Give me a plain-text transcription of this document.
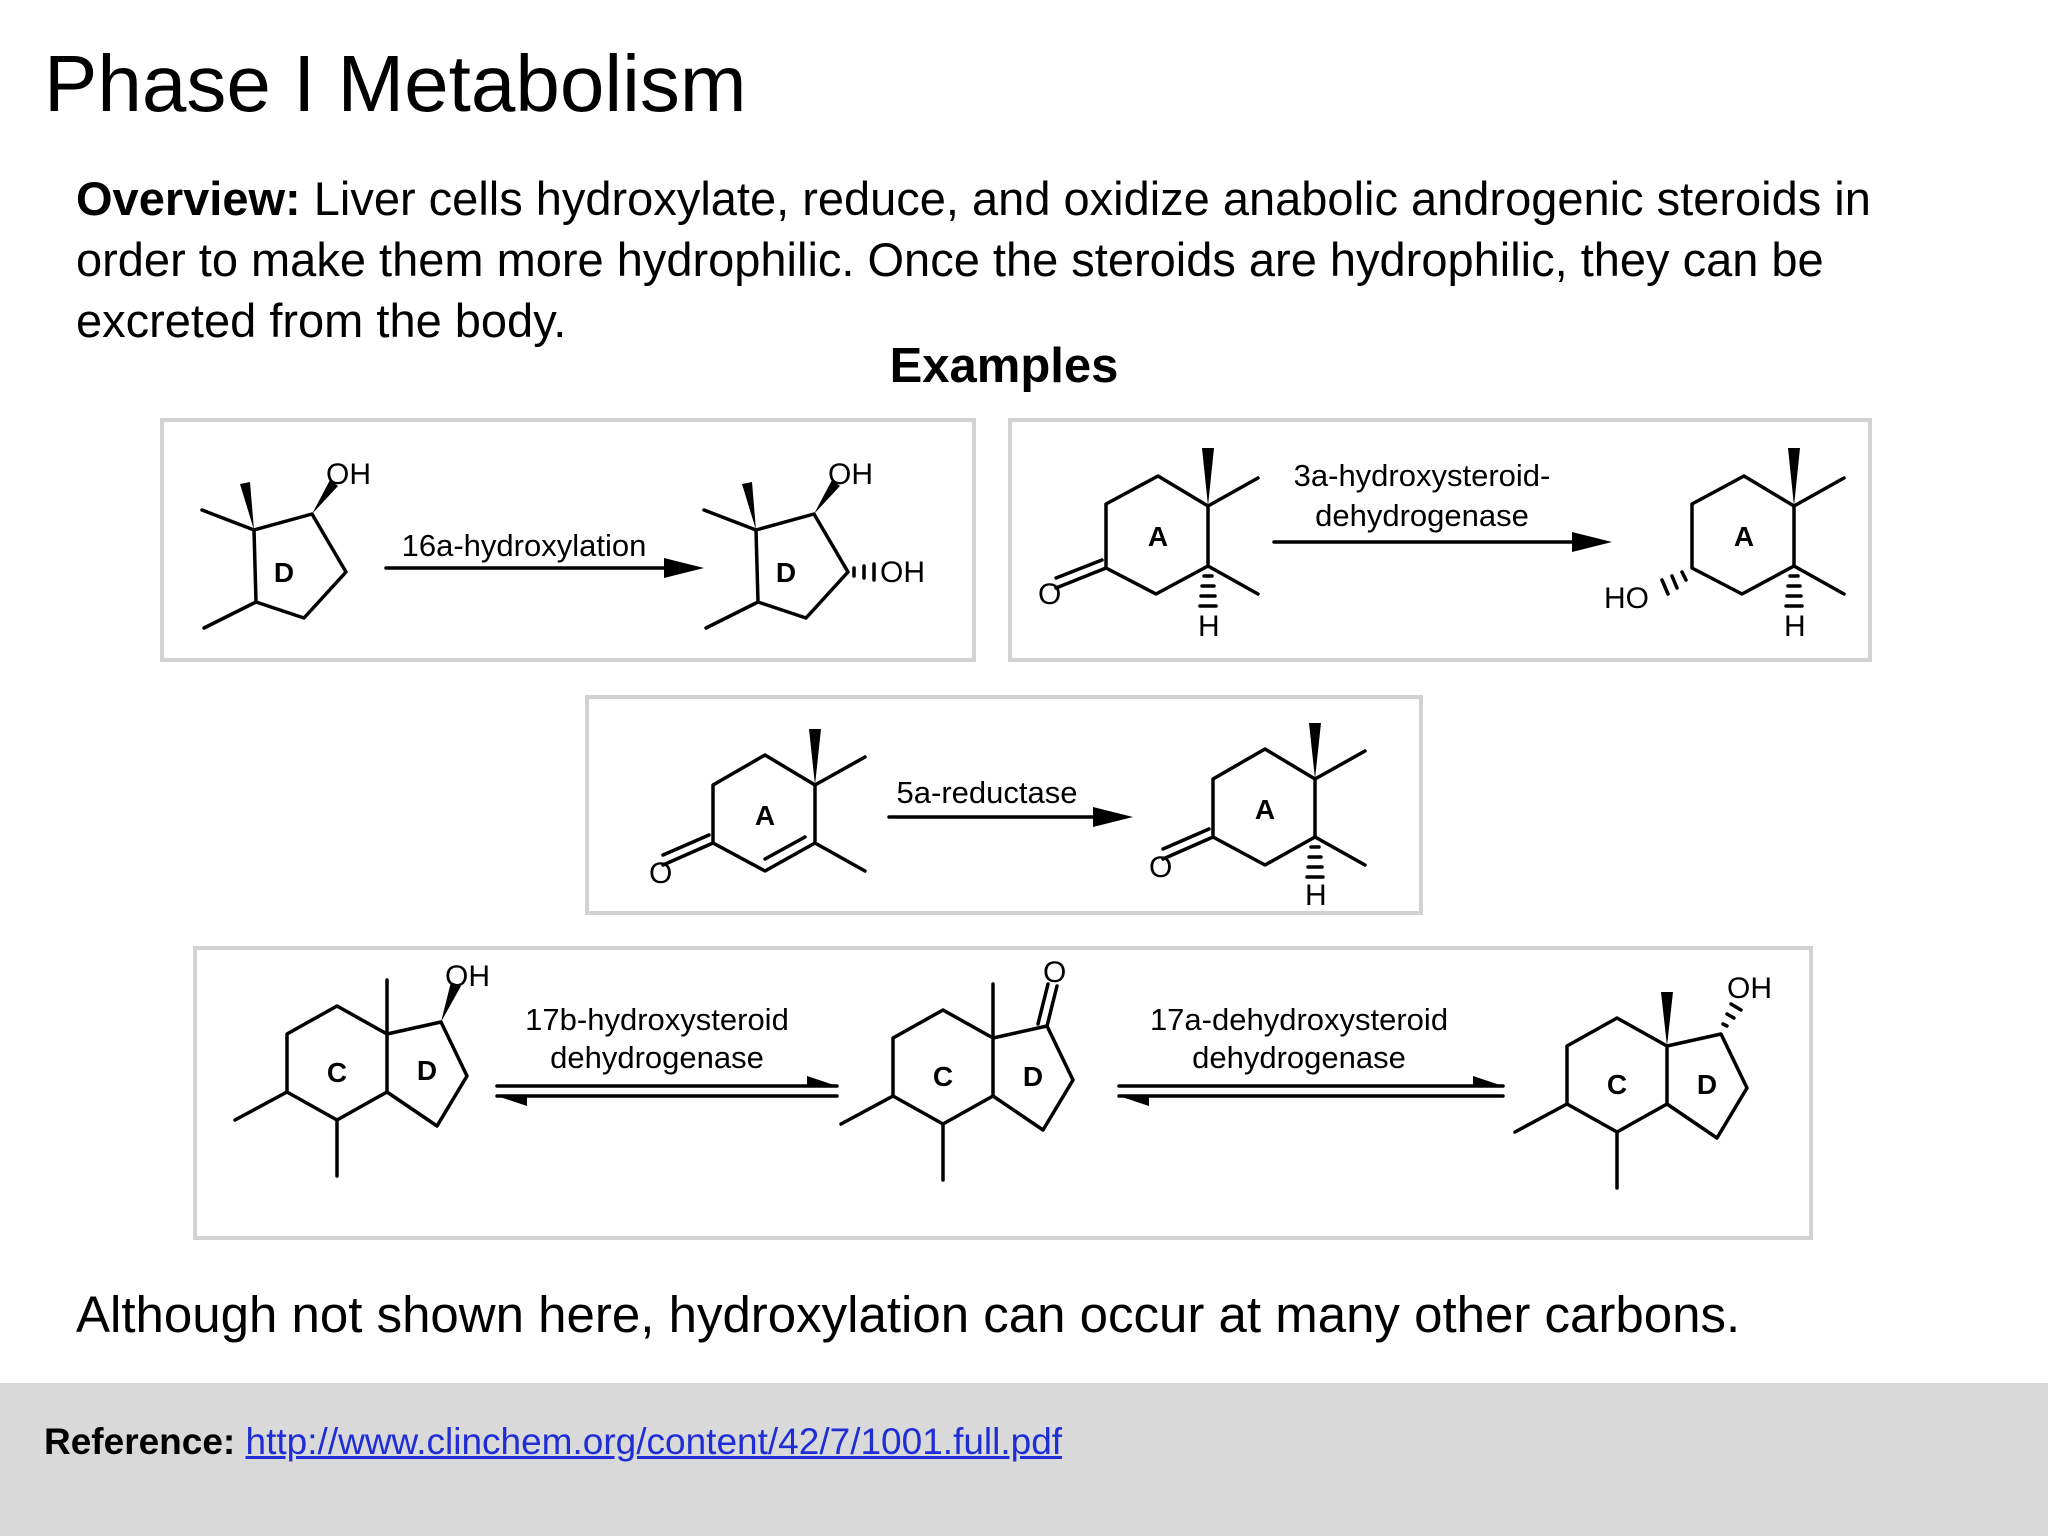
Phase I Metabolism
Overview: Liver cells hydroxylate, reduce, and oxidize anabolic androgenic steroids in order to make them more hydrophilic. Once the steroids are hydrophilic, they can be excreted from the body.
Examples
OH
D
16a-hydroxylation
OH
OH
D
O
H
A
3a-hydroxysteroid-
dehydrogenase
HO
H
A
O
A
5a-reductase
O
H
A
OH
C D
17b-hydroxysteroid
dehydrogenase
O
C D
17a-dehydroxysteroid
dehydrogenase
OH
C D
Although not shown here, hydroxylation can occur at many other carbons.
Reference: http://www.clinchem.org/content/42/7/1001.full.pdf
